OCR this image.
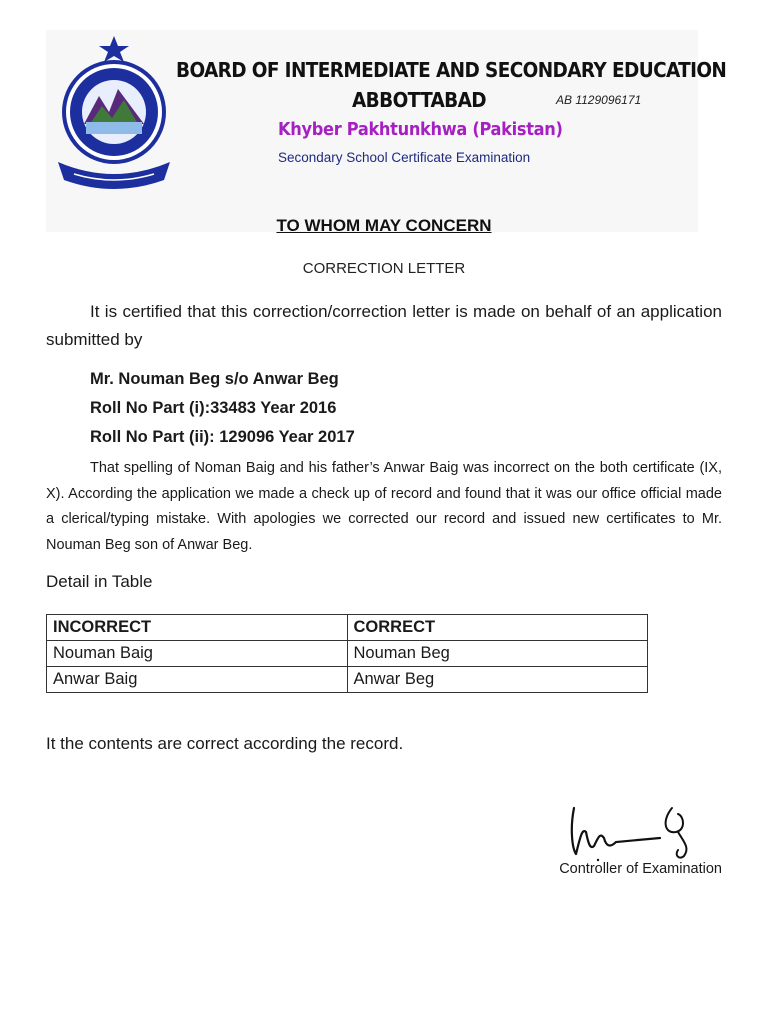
BOARD OF INTERMEDIATE AND SECONDARY EDUCATION
ABBOTTABAD	AB 1129096171
Khyber Pakhtunkhwa (Pakistan)
Secondary School Certificate Examination
TO WHOM MAY CONCERN
CORRECTION LETTER
It is certified that this correction/correction letter is made on behalf of an application submitted by
Mr. Nouman Beg s/o Anwar Beg
Roll No Part (i):33483 Year 2016
Roll No Part (ii): 129096 Year 2017
That spelling of Noman Baig and his father’s Anwar Baig was incorrect on the both certificate (IX, X). According the application we made a check up of record and found that it was our office official made a clerical/typing mistake. With apologies we corrected our record and issued new certificates to Mr. Nouman Beg son of Anwar Beg.
Detail in Table
INCORRECT	CORRECT
Nouman Baig	Nouman Beg
Anwar Baig	Anwar Beg
It the contents are correct according the record.
Controller of Examination
